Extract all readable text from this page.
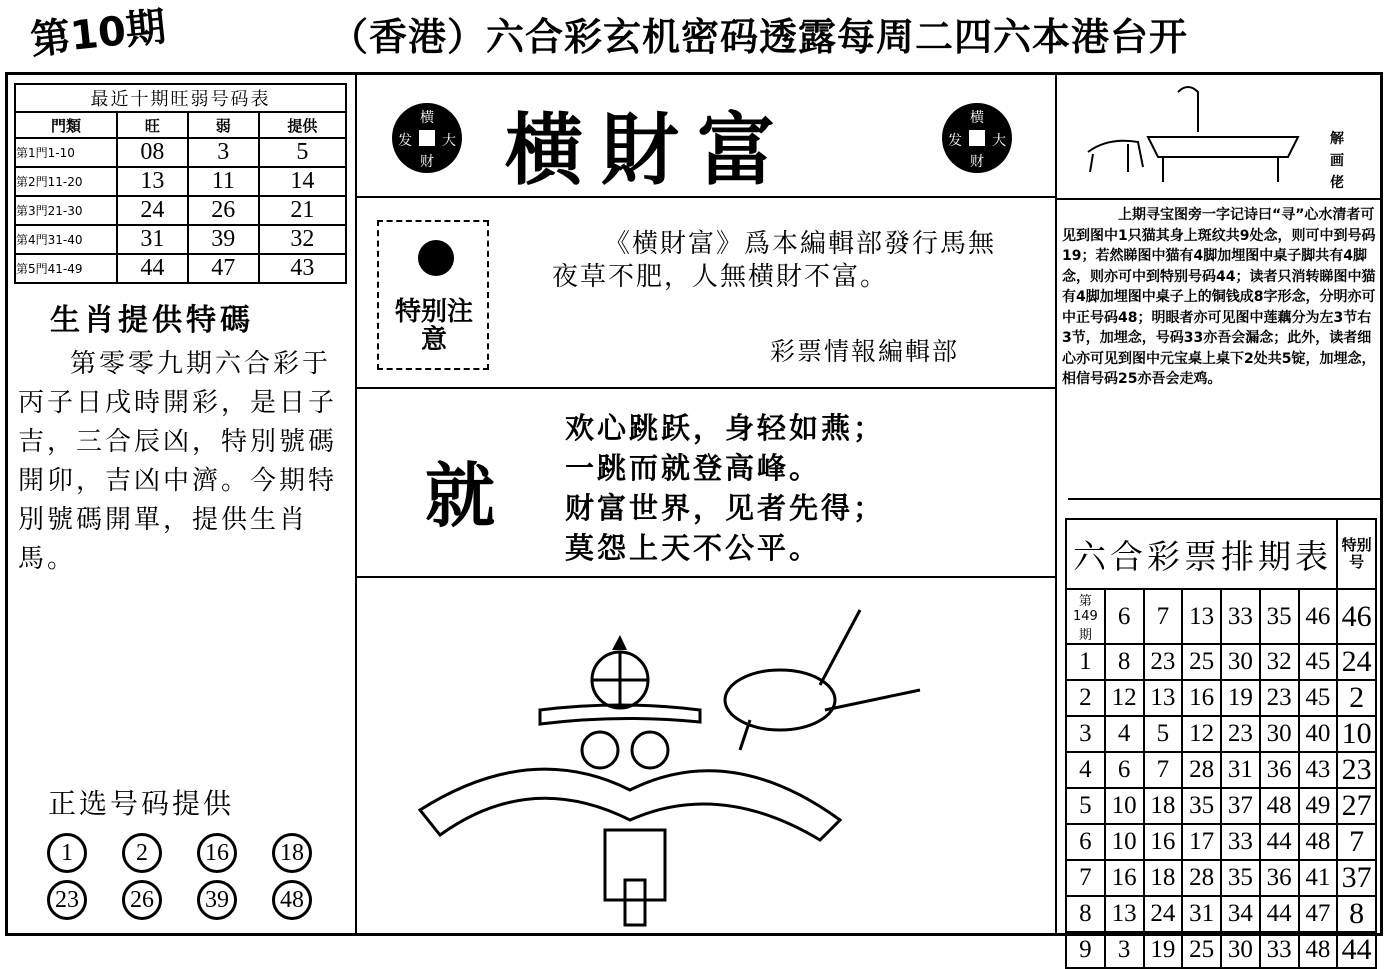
第10期	（香港）六合彩玄机密码透露每周二四六本港台开
最近十期旺弱号码表			
門類	旺	弱	提供
第1門1-10	08	3	5
第2門11-20	13	11	14
第3門21-30	24	26	21
第4門31-40	31	39	32
第5門41-49	44	47	43
生肖提供特碼
第零零九期六合彩于丙子日戌時開彩，是日子吉，三合辰凶，特別號碼開卯，吉凶中濟。今期特別號碼開單，提供生肖馬。
正选号码提供
1	2	16	18
23	26	39	48
横
发 大
财 横財富	横
发 大
财
特别注意
《横財富》爲本編輯部發行馬無夜草不肥，人無横財不富。
彩票情報編輯部
就
欢心跳跃，身轻如燕；
一跳而就登高峰。
财富世界，见者先得；
莫怨上天不公平。
解画佬
上期寻宝图旁一字记诗曰“寻”心水清者可见到图中1只猫其身上斑纹共9处念，则可中到号码19；若然睇图中猫有4脚加埋图中桌子脚共有4脚念，则亦可中到特别号码44；读者只消转睇图中猫有4脚加埋图中桌子上的铜钱成8字形念，分明亦可中正号码48；明眼者亦可见图中莲藕分为左3节右3节，加埋念，号码33亦吾会漏念；此外，读者细心亦可见到图中元宝桌上桌下2处共5锭，加埋念，相信号码25亦吾会走鸡。
六合彩票排期表							特别号
第149期	6	7	13	33	35	46	46
1	8	23	25	30	32	45	24
2	12	13	16	19	23	45	2
3	4	5	12	23	30	40	10
4	6	7	28	31	36	43	23
5	10	18	35	37	48	49	27
6	10	16	17	33	44	48	7
7	16	18	28	35	36	41	37
8	13	24	31	34	44	47	8
9	3	19	25	30	33	48	44
